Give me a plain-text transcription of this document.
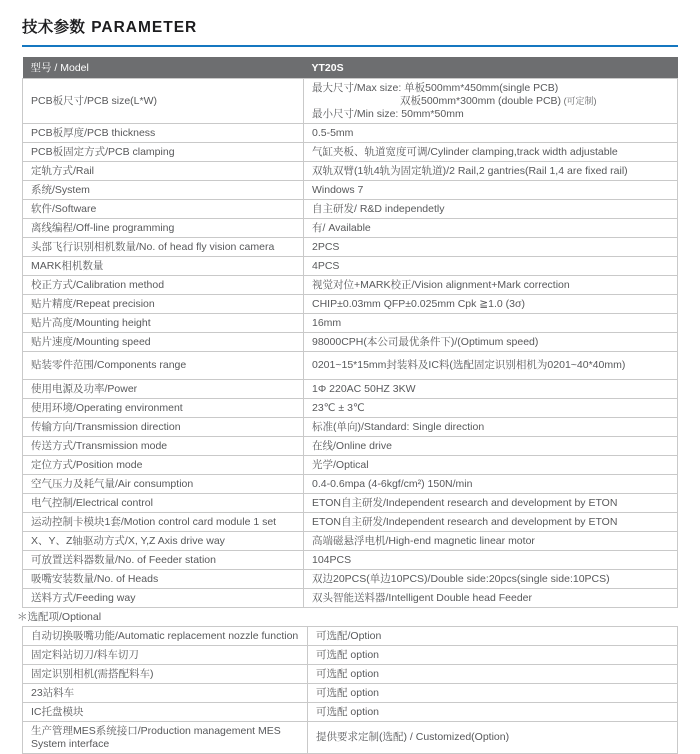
技术参数 PARAMETER
型号 / Model	YT20S
PCB板尺寸/PCB size(L*W)	最大尺寸/Max size: 单板500mm*450mm(single PCB)
双板500mm*300mm (double PCB) (可定制)
最小尺寸/Min size: 50mm*50mm

PCB板厚度/PCB thickness	0.5-5mm
PCB板固定方式/PCB clamping	气缸夹板、轨道宽度可调/Cylinder clamping,track width adjustable
定轨方式/Rail	双轨双臂(1轨4轨为固定轨道)/2 Rail,2 gantries(Rail 1,4 are fixed rail)
系统/System	Windows 7
软件/Software	自主研发/ R&D independetly
离线编程/Off-line programming	有/ Available
头部飞行识别相机数量/No. of head fly vision camera	2PCS
MARK相机数量	4PCS
校正方式/Calibration method	视觉对位+MARK校正/Vision alignment+Mark correction
贴片精度/Repeat precision	CHIP±0.03mm QFP±0.025mm Cpk ≧1.0 (3σ)
贴片高度/Mounting height	16mm
贴片速度/Mounting speed	98000CPH(本公司最优条件下)/(Optimum speed)
贴装零件范围/Components range	0201~15*15mm封装料及IC料(选配固定识别相机为0201~40*40mm)
使用电源及功率/Power	1Φ 220AC 50HZ 3KW
使用环境/Operating environment	23℃ ± 3℃
传输方向/Transmission direction	标准(单向)/Standard: Single direction
传送方式/Transmission mode	在线/Online drive
定位方式/Position mode	光学/Optical
空气压力及耗气量/Air consumption	0.4-0.6mpa (4-6kgf/cm²) 150N/min
电气控制/Electrical control	ETON自主研发/Independent research and development by ETON
运动控制卡模块1套/Motion control card module 1 set	ETON自主研发/Independent research and development by ETON
X、Y、Z轴驱动方式/X, Y,Z Axis drive way	高端磁悬浮电机/High-end magnetic linear motor
可放置送料器数量/No. of Feeder station	104PCS
吸嘴安装数量/No. of Heads	双边20PCS(单边10PCS)/Double side:20pcs(single side:10PCS)
送料方式/Feeding way	双头智能送料器/Intelligent Double head Feeder
＊选配项/Optional
自动切换吸嘴功能/Automatic replacement nozzle function	可选配/Option
固定料站切刀/料车切刀	可选配 option
固定识别相机(需搭配料车)	可选配 option
23站料车	可选配 option
IC托盘模块	可选配 option
生产管理MES系统接口/Production management MES System interface	提供要求定制(选配) / Customized(Option)
